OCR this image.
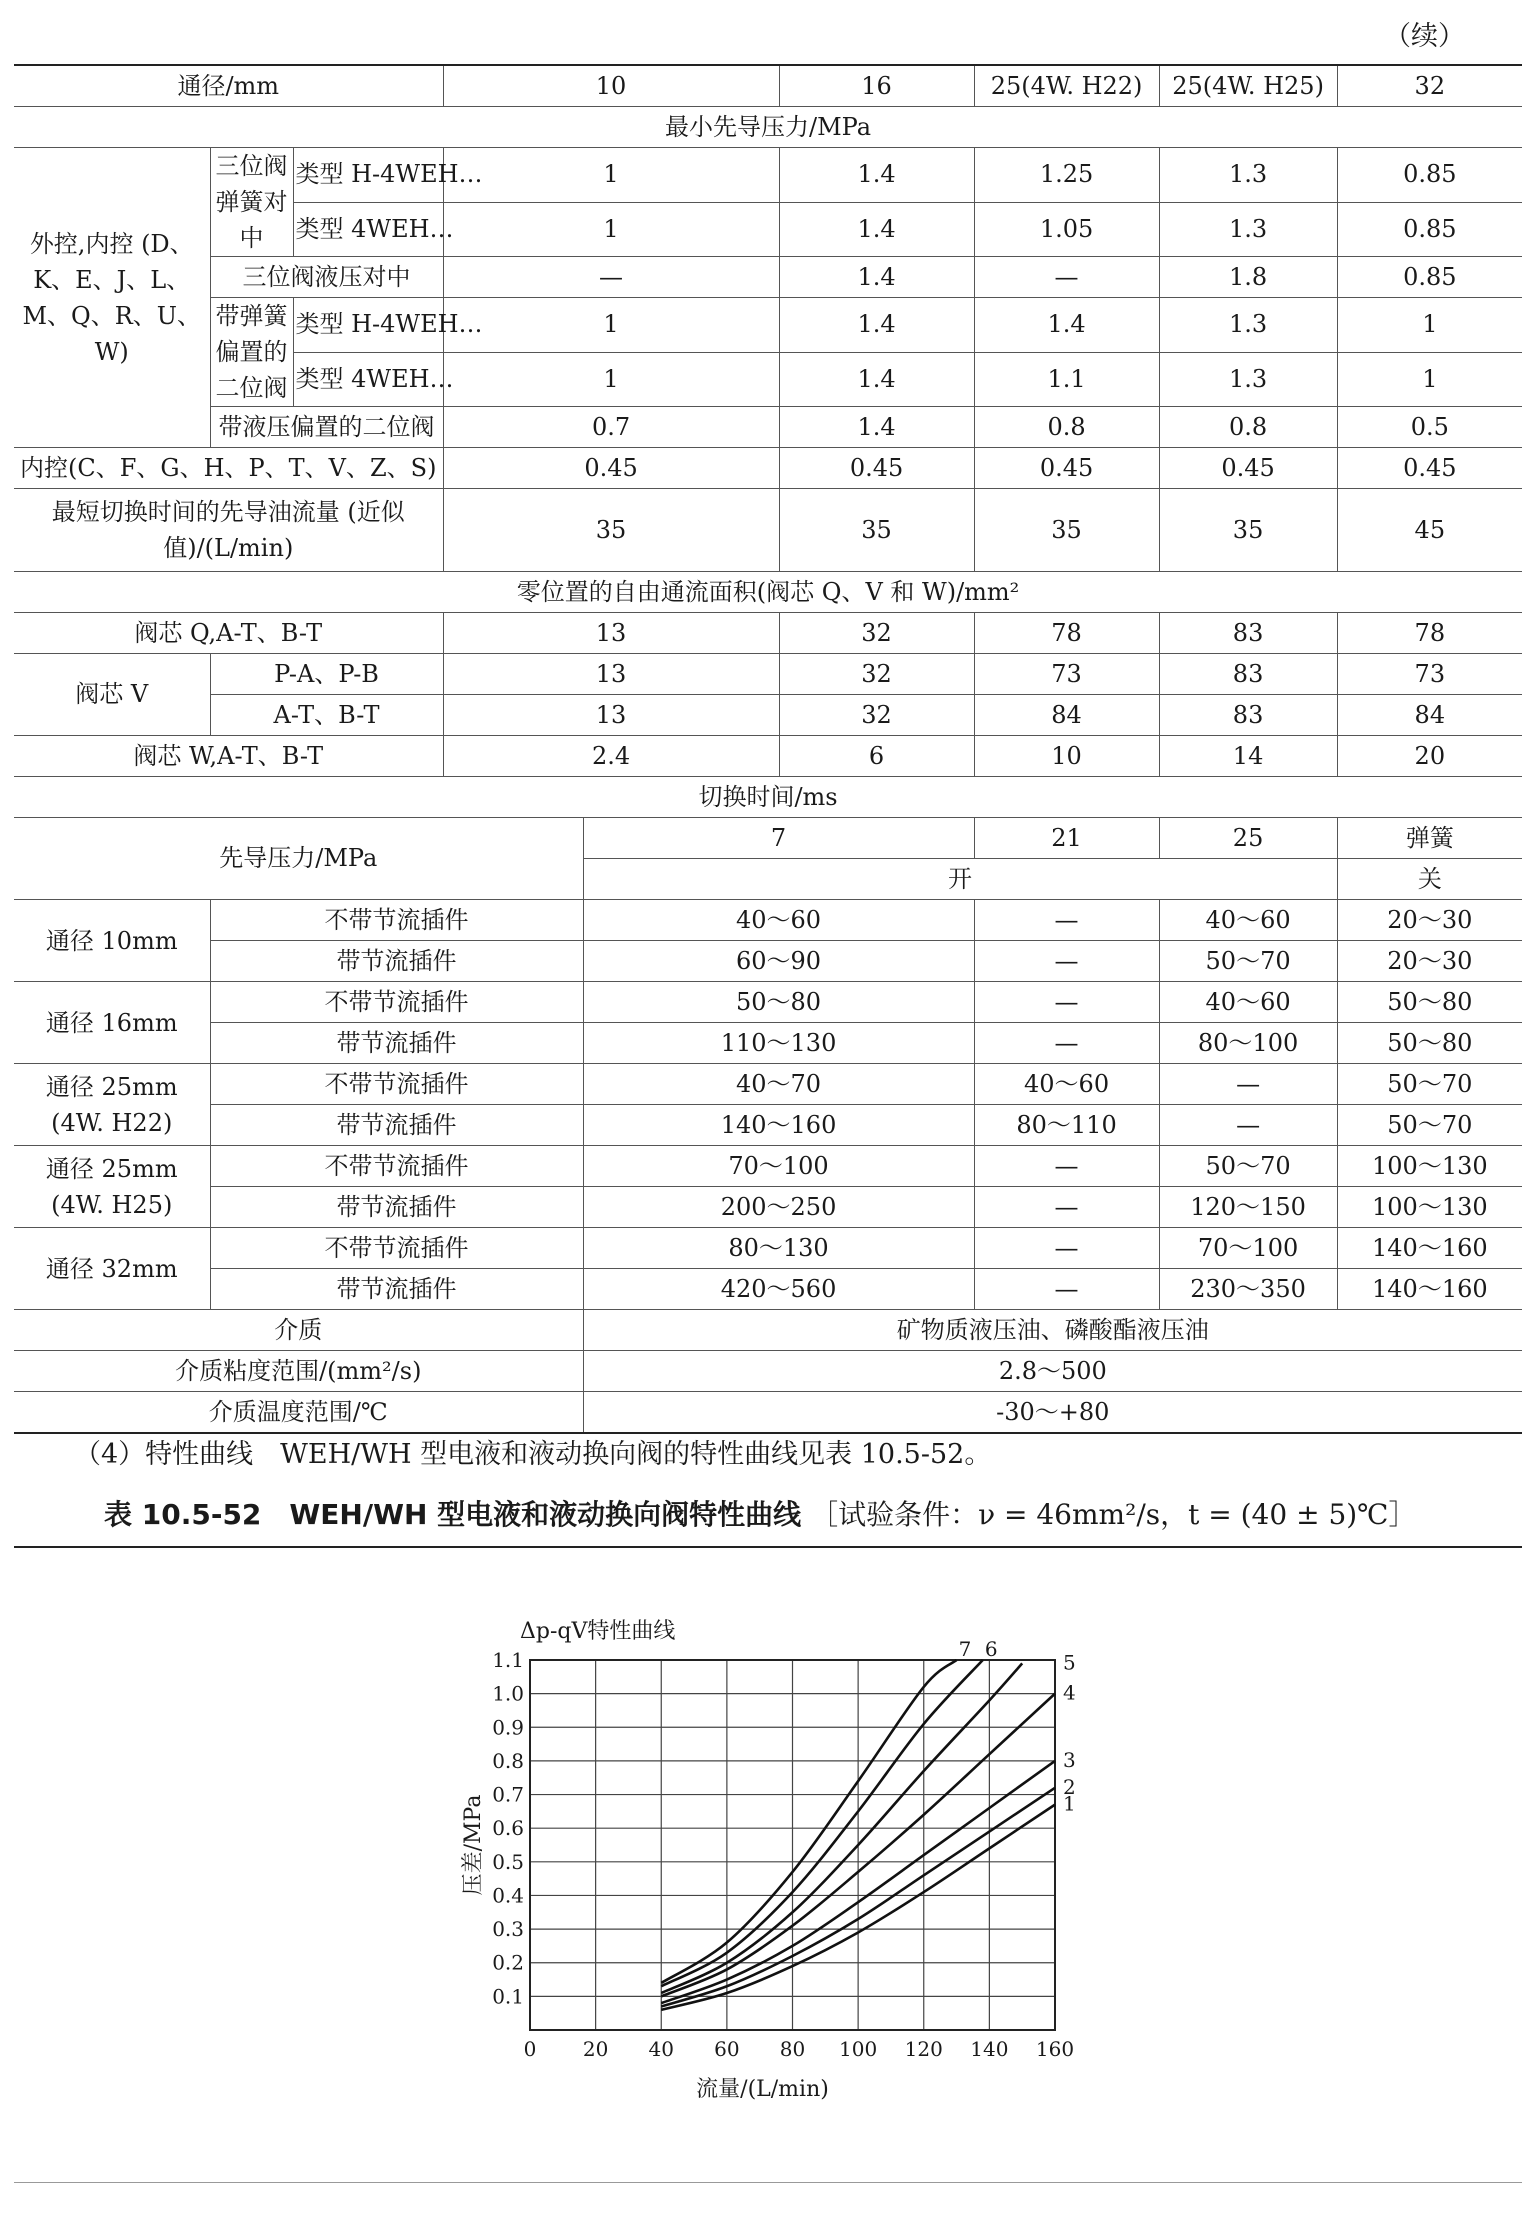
（续）
通径/mm			10		16	25(4W. H22)	25(4W. H25)	32
最小先导压力/MPa								
外控,内控 (D、K、E、J、L、M、Q、R、U、W)	三位阀弹簧对中	类型 H-4WEH…	1		1.4	1.25	1.3	0.85
		类型 4WEH…	1		1.4	1.05	1.3	0.85
	三位阀液压对中		—		1.4	—	1.8	0.85
	带弹簧偏置的二位阀	类型 H-4WEH…	1		1.4	1.4	1.3	1
		类型 4WEH…	1		1.4	1.1	1.3	1
	带液压偏置的二位阀		0.7		1.4	0.8	0.8	0.5
内控(C、F、G、H、P、T、V、Z、S)			0.45		0.45	0.45	0.45	0.45
最短切换时间的先导油流量 (近似值)/(L/min)			35		35	35	35	45
零位置的自由通流面积(阀芯 Q、V 和 W)/mm²								
阀芯 Q,A-T、B-T			13		32	78	83	78
阀芯 V	P-A、P-B		13		32	73	83	73
	A-T、B-T		13		32	84	83	84
阀芯 W,A-T、B-T			2.4		6	10	14	20
切换时间/ms								
先导压力/MPa				7		21	25	弹簧
				开				关
通径 10mm	不带节流插件			40～60		—	40～60	20～30
	带节流插件			60～90		—	50～70	20～30
通径 16mm	不带节流插件			50～80		—	40～60	50～80
	带节流插件			110～130		—	80～100	50～80
通径 25mm (4W. H22)	不带节流插件			40～70		40～60	—	50～70
	带节流插件			140～160		80～110	—	50～70
通径 25mm (4W. H25)	不带节流插件			70～100		—	50～70	100～130
	带节流插件			200～250		—	120～150	100～130
通径 32mm	不带节流插件			80～130		—	70～100	140～160
	带节流插件			420～560		—	230～350	140～160
介质				矿物质液压油、磷酸酯液压油				
介质粘度范围/(mm²/s)				2.8～500				
介质温度范围/℃				-30～+80				
（4）特性曲线　WEH/WH 型电液和液动换向阀的特性曲线见表 10.5-52。
表 10.5-52　WEH/WH 型电液和液动换向阀特性曲线 ［试验条件：ν = 46mm²/s，t = (40 ± 5)℃］
0 20 40 60 80 100 120 140 160
0.1
0.2
0.3
0.4
0.5
0.6
0.7
0.8
0.9
1.0
1.1
Δp-qV特性曲线
流量/(L/min)
压差/MPa	1
2
3
4
5
6
7
